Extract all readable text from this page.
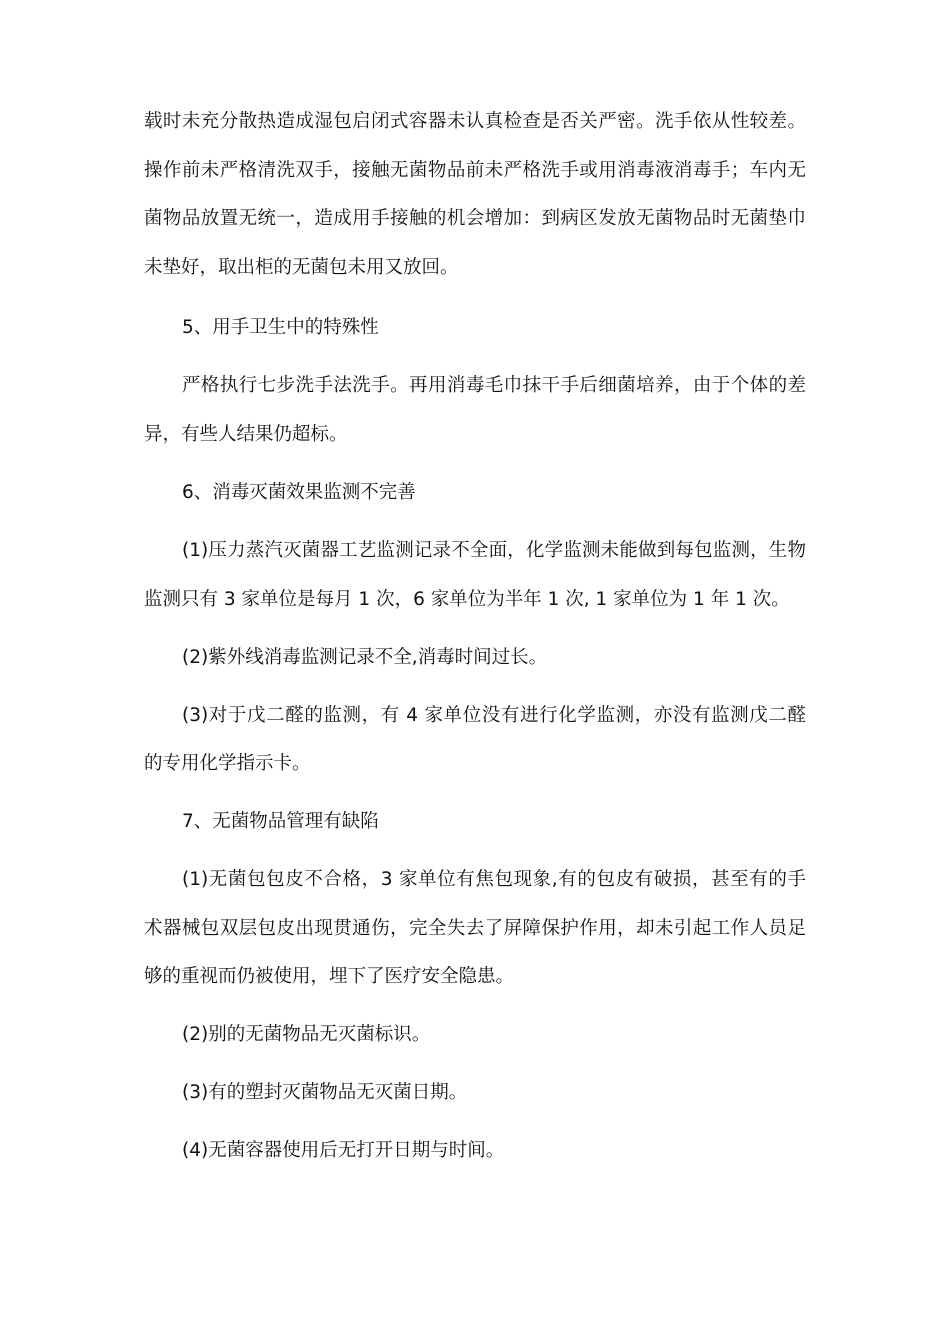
载时未充分散热造成湿包启闭式容器未认真检查是否关严密。洗手依从性较差。
操作前未严格清洗双手，接触无菌物品前未严格洗手或用消毒液消毒手；车内无
菌物品放置无统一，造成用手接触的机会增加：到病区发放无菌物品时无菌垫巾
未垫好，取出柜的无菌包未用又放回。
5、用手卫生中的特殊性
严格执行七步洗手法洗手。再用消毒毛巾抹干手后细菌培养，由于个体的差
异，有些人结果仍超标。
6、消毒灭菌效果监测不完善
(1)压力蒸汽灭菌器工艺监测记录不全面，化学监测未能做到每包监测，生物
监测只有 3 家单位是每月 1 次，6 家单位为半年 1 次, 1 家单位为 1 年 1 次。
(2)紫外线消毒监测记录不全,消毒时间过长。
(3)对于戊二醛的监测，有 4 家单位没有进行化学监测，亦没有监测戊二醛
的专用化学指示卡。
7、无菌物品管理有缺陷
(1)无菌包包皮不合格，3 家单位有焦包现象,有的包皮有破损，甚至有的手
术器械包双层包皮出现贯通伤，完全失去了屏障保护作用，却未引起工作人员足
够的重视而仍被使用，埋下了医疗安全隐患。
(2)别的无菌物品无灭菌标识。
(3)有的塑封灭菌物品无灭菌日期。
(4)无菌容器使用后无打开日期与时间。
